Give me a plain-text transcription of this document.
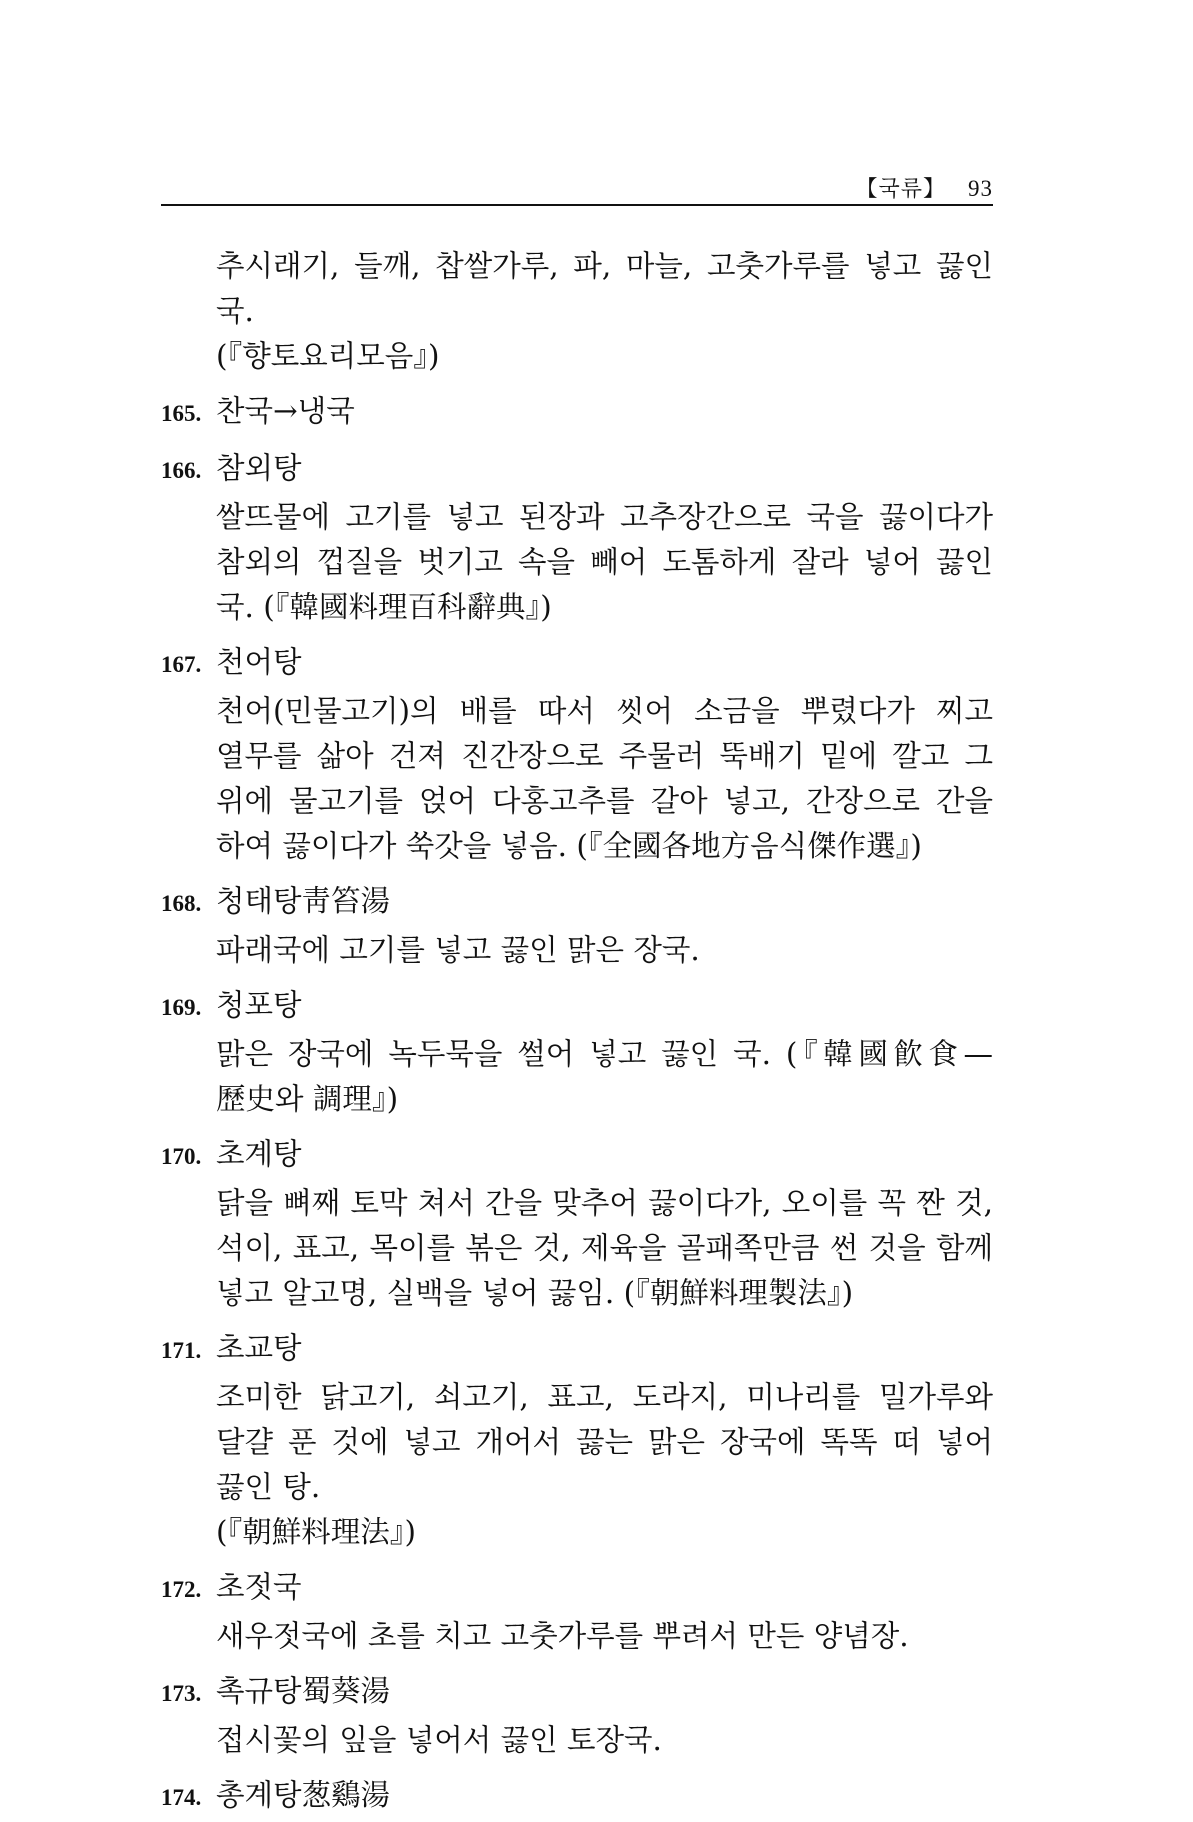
【국류】 93

추시래기, 들깨, 찹쌀가루, 파, 마늘, 고춧가루를 넣고 끓인 국.
(『향토요리모음』)

165. 찬국→냉국
166. 참외탕

쌀뜨물에 고기를 넣고 된장과 고추장간으로 국을 끓이다가 참외의 껍질을 벗기고 속을 빼어 도톰하게 잘라 넣어 끓인 국. (『韓國料理百科辭典』)

167. 천어탕

천어(민물고기)의 배를 따서 씻어 소금을 뿌렸다가 찌고 열무를 삶아 건져 진간장으로 주물러 뚝배기 밑에 깔고 그 위에 물고기를 얹어 다홍고추를 갈아 넣고, 간장으로 간을 하여 끓이다가 쑥갓을 넣음. (『全國各地方음식傑作選』)

168. 청태탕靑笞湯

파래국에 고기를 넣고 끓인 맑은 장국.

169. 청포탕

맑은 장국에 녹두묵을 썰어 넣고 끓인 국. (『韓國飮食—歷史와 調理』)

170. 초계탕

닭을 뼈째 토막 쳐서 간을 맞추어 끓이다가, 오이를 꼭 짠 것, 석이, 표고, 목이를 볶은 것, 제육을 골패쪽만큼 썬 것을 함께 넣고 알고명, 실백을 넣어 끓임. (『朝鮮料理製法』)

171. 초교탕

조미한 닭고기, 쇠고기, 표고, 도라지, 미나리를 밀가루와 달걀 푼 것에 넣고 개어서 끓는 맑은 장국에 똑똑 떠 넣어 끓인 탕.
(『朝鮮料理法』)

172. 초젓국

새우젓국에 초를 치고 고춧가루를 뿌려서 만든 양념장.

173. 촉규탕蜀葵湯

접시꽃의 잎을 넣어서 끓인 토장국.

174. 총계탕葱鷄湯
